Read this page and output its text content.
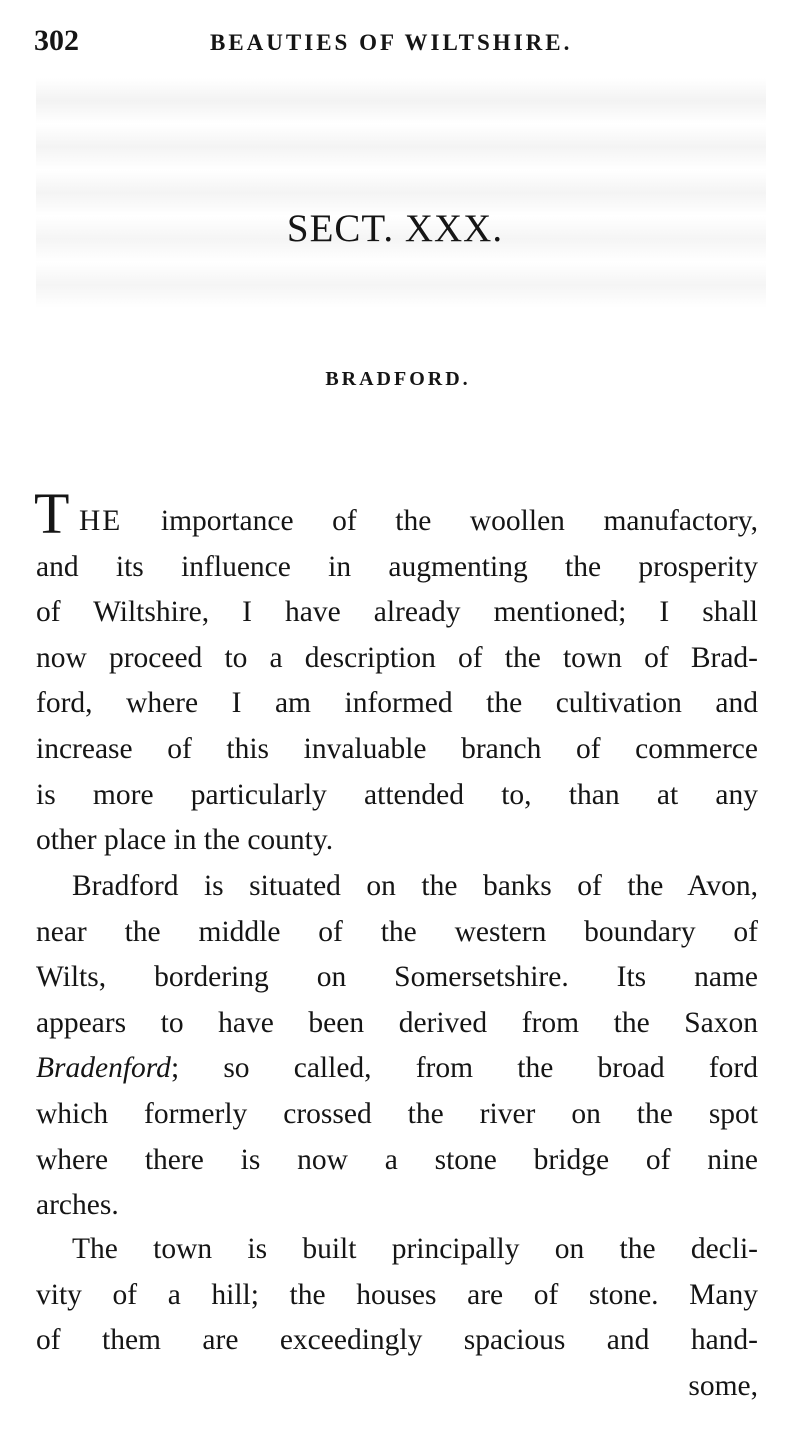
302	BEAUTIES OF WILTSHIRE.
SECT. XXX.
BRADFORD.
T HE importance of the woollen manufactory,
and its influence in augmenting the prosperity
of Wiltshire, I have already mentioned; I shall
now proceed to a description of the town of Brad-
ford, where I am informed the cultivation and
increase of this invaluable branch of commerce
is more particularly attended to, than at any
other place in the county.
Bradford is situated on the banks of the Avon,
near the middle of the western boundary of
Wilts, bordering on Somersetshire. Its name
appears to have been derived from the Saxon
Bradenford; so called, from the broad ford
which formerly crossed the river on the spot
where there is now a stone bridge of nine
arches.
The town is built principally on the decli-
vity of a hill; the houses are of stone. Many
of them are exceedingly spacious and hand-
some,
